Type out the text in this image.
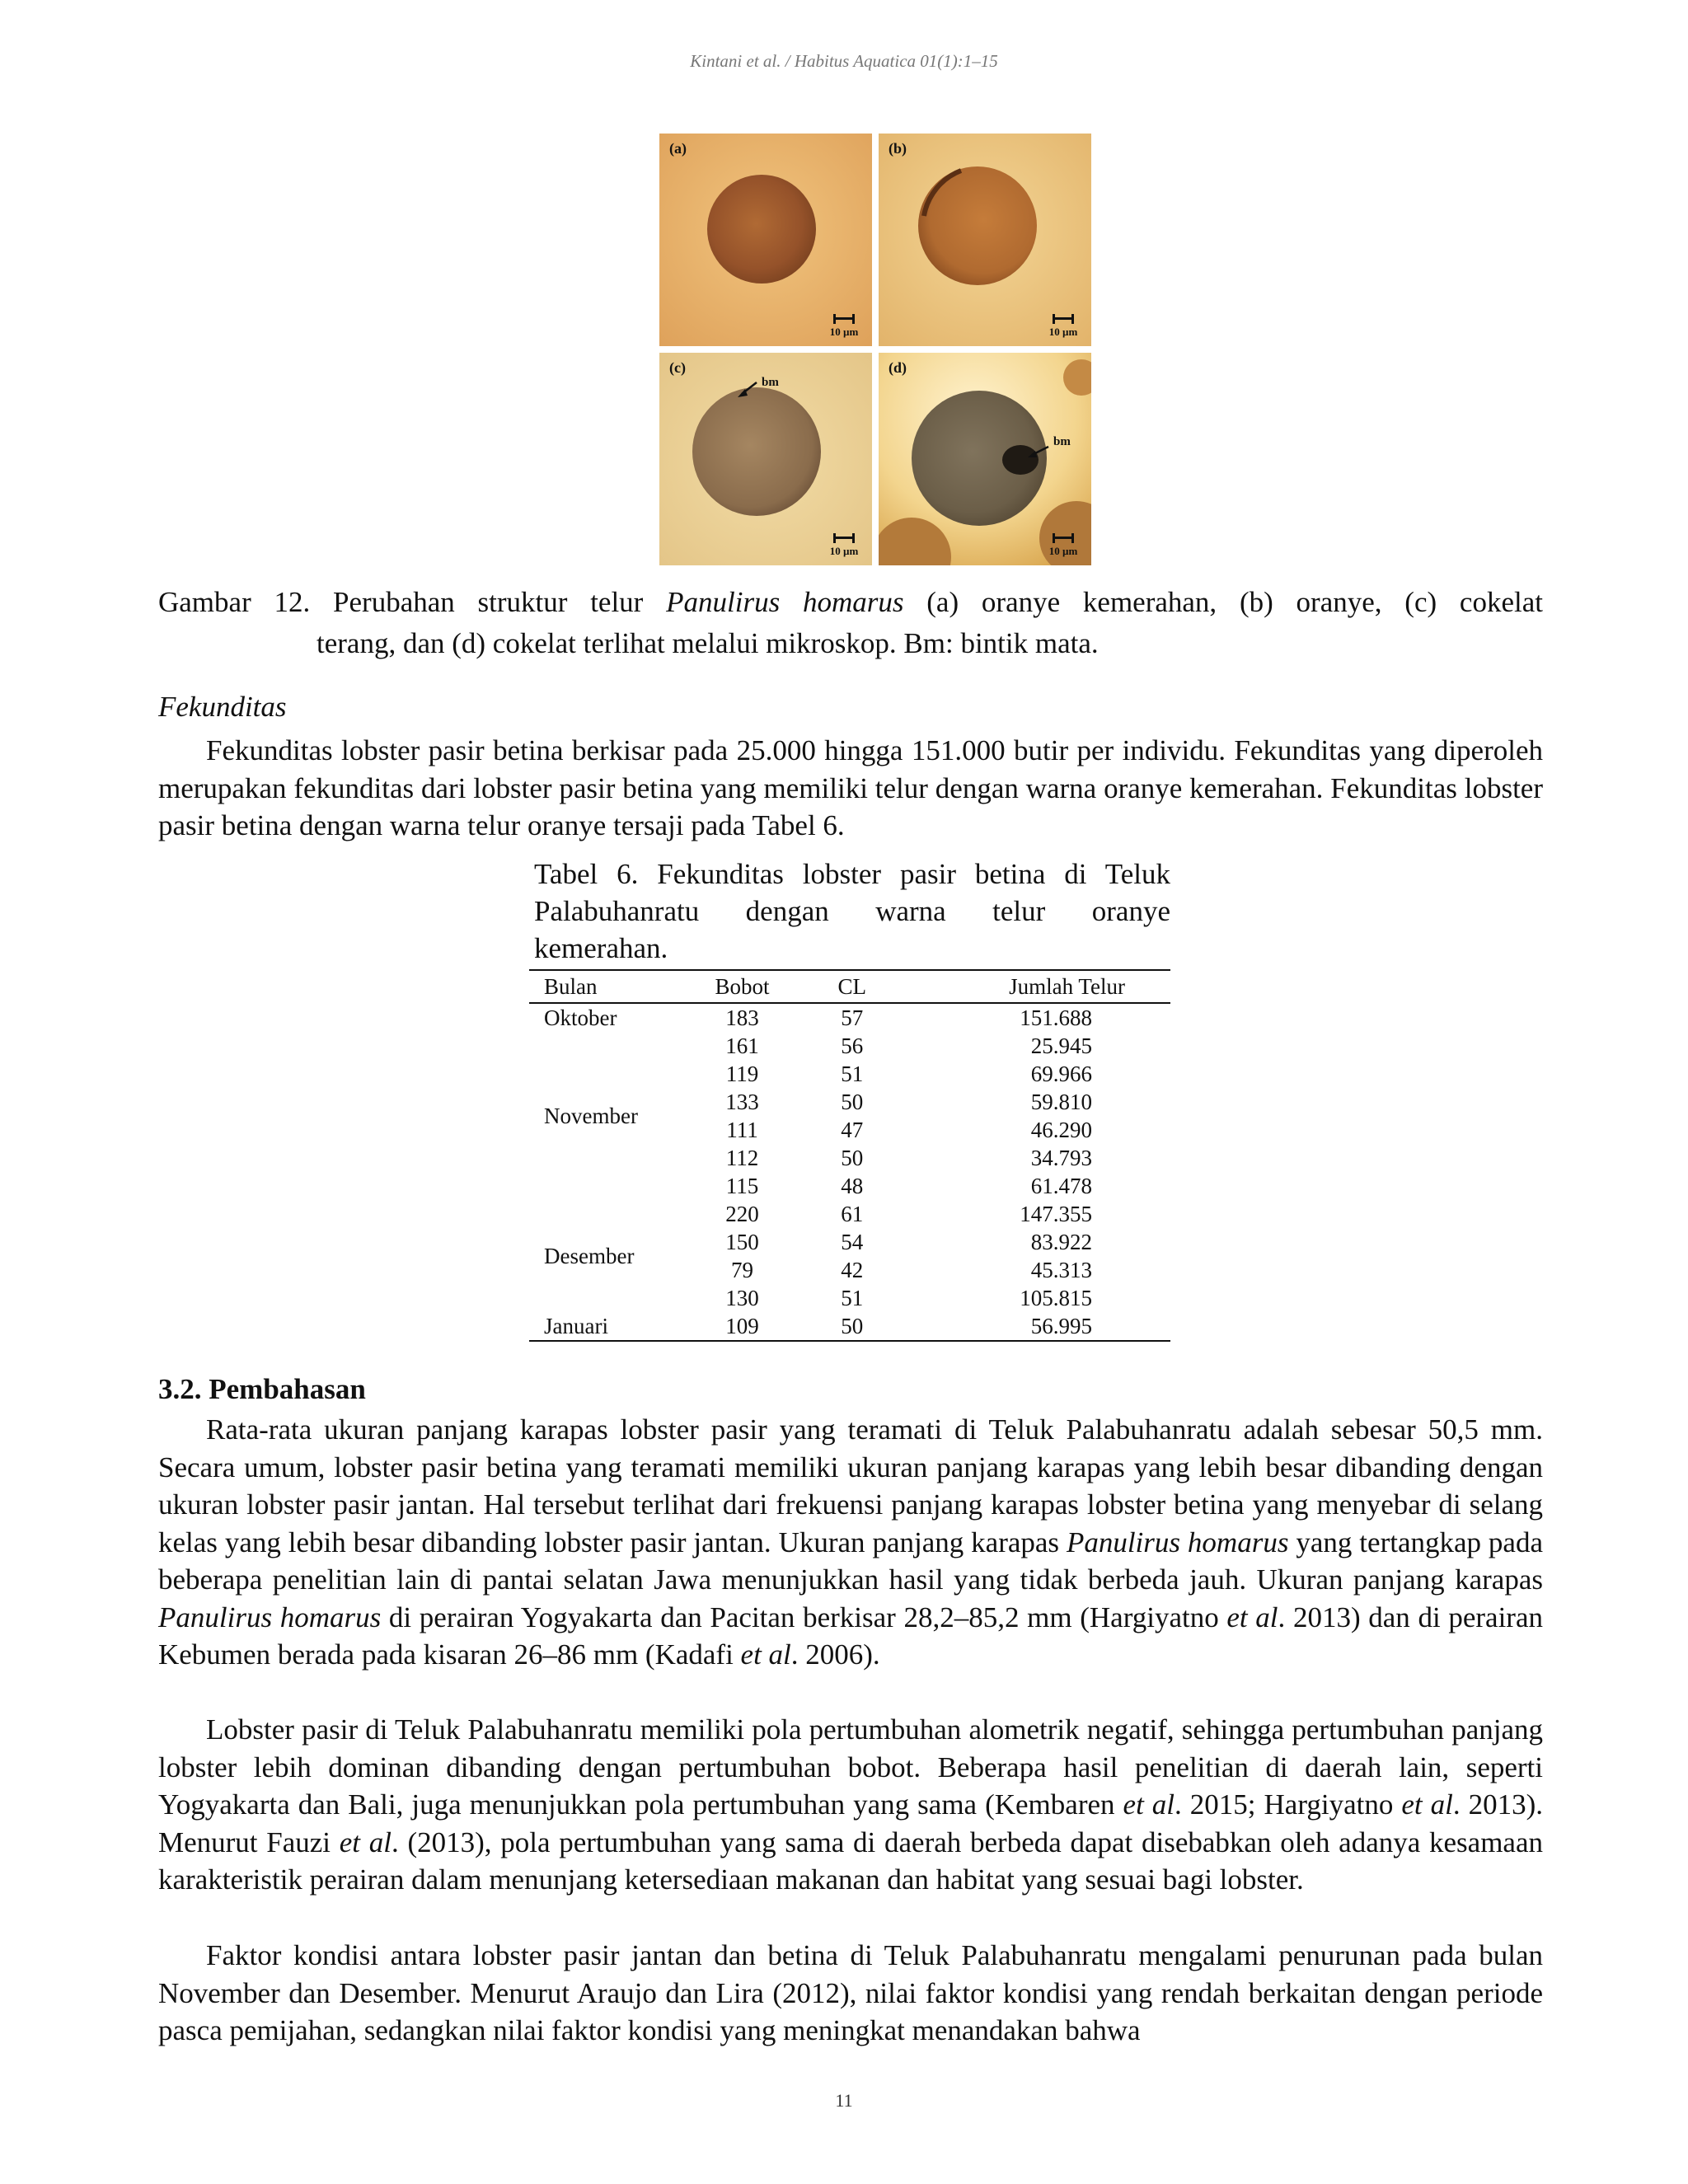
Kintani et al. / Habitus Aquatica 01(1):1–15
(a)
10 µm
(b)
10 µm
(c)
bm
10 µm
(d)
bm
10 µm
Gambar 12. Perubahan struktur telur Panulirus homarus (a) oranye kemerahan, (b) oranye, (c) cokelat
terang, dan (d) cokelat terlihat melalui mikroskop. Bm: bintik mata.
Fekunditas
Fekunditas lobster pasir betina berkisar pada 25.000 hingga 151.000 butir per individu. Fekunditas yang diperoleh merupakan fekunditas dari lobster pasir betina yang memiliki telur dengan warna oranye kemerahan. Fekunditas lobster pasir betina dengan warna telur oranye tersaji pada Tabel 6.
Tabel 6. Fekunditas lobster pasir betina di Teluk
Palabuhanratu dengan warna telur oranye
kemerahan.
Bulan	Bobot	CL	Jumlah Telur
Oktober	183	57	151.688
November	161	56	25.945
	119	51	69.966
	133	50	59.810
	111	47	46.290
	112	50	34.793
	115	48	61.478
Desember	220	61	147.355
	150	54	83.922
	79	42	45.313
	130	51	105.815
Januari	109	50	56.995
3.2. Pembahasan
Rata-rata ukuran panjang karapas lobster pasir yang teramati di Teluk Palabuhanratu adalah sebesar 50,5 mm. Secara umum, lobster pasir betina yang teramati memiliki ukuran panjang karapas yang lebih besar dibanding dengan ukuran lobster pasir jantan. Hal tersebut terlihat dari frekuensi panjang karapas lobster betina yang menyebar di selang kelas yang lebih besar dibanding lobster pasir jantan. Ukuran panjang karapas Panulirus homarus yang tertangkap pada beberapa penelitian lain di pantai selatan Jawa menunjukkan hasil yang tidak berbeda jauh. Ukuran panjang karapas Panulirus homarus di perairan Yogyakarta dan Pacitan berkisar 28,2–85,2 mm (Hargiyatno et al. 2013) dan di perairan Kebumen berada pada kisaran 26–86 mm (Kadafi et al. 2006).
Lobster pasir di Teluk Palabuhanratu memiliki pola pertumbuhan alometrik negatif, sehingga pertumbuhan panjang lobster lebih dominan dibanding dengan pertumbuhan bobot. Beberapa hasil penelitian di daerah lain, seperti Yogyakarta dan Bali, juga menunjukkan pola pertumbuhan yang sama (Kembaren et al. 2015; Hargiyatno et al. 2013). Menurut Fauzi et al. (2013), pola pertumbuhan yang sama di daerah berbeda dapat disebabkan oleh adanya kesamaan karakteristik perairan dalam menunjang ketersediaan makanan dan habitat yang sesuai bagi lobster.
Faktor kondisi antara lobster pasir jantan dan betina di Teluk Palabuhanratu mengalami penurunan pada bulan November dan Desember. Menurut Araujo dan Lira (2012), nilai faktor kondisi yang rendah berkaitan dengan periode pasca pemijahan, sedangkan nilai faktor kondisi yang meningkat menandakan bahwa
11
